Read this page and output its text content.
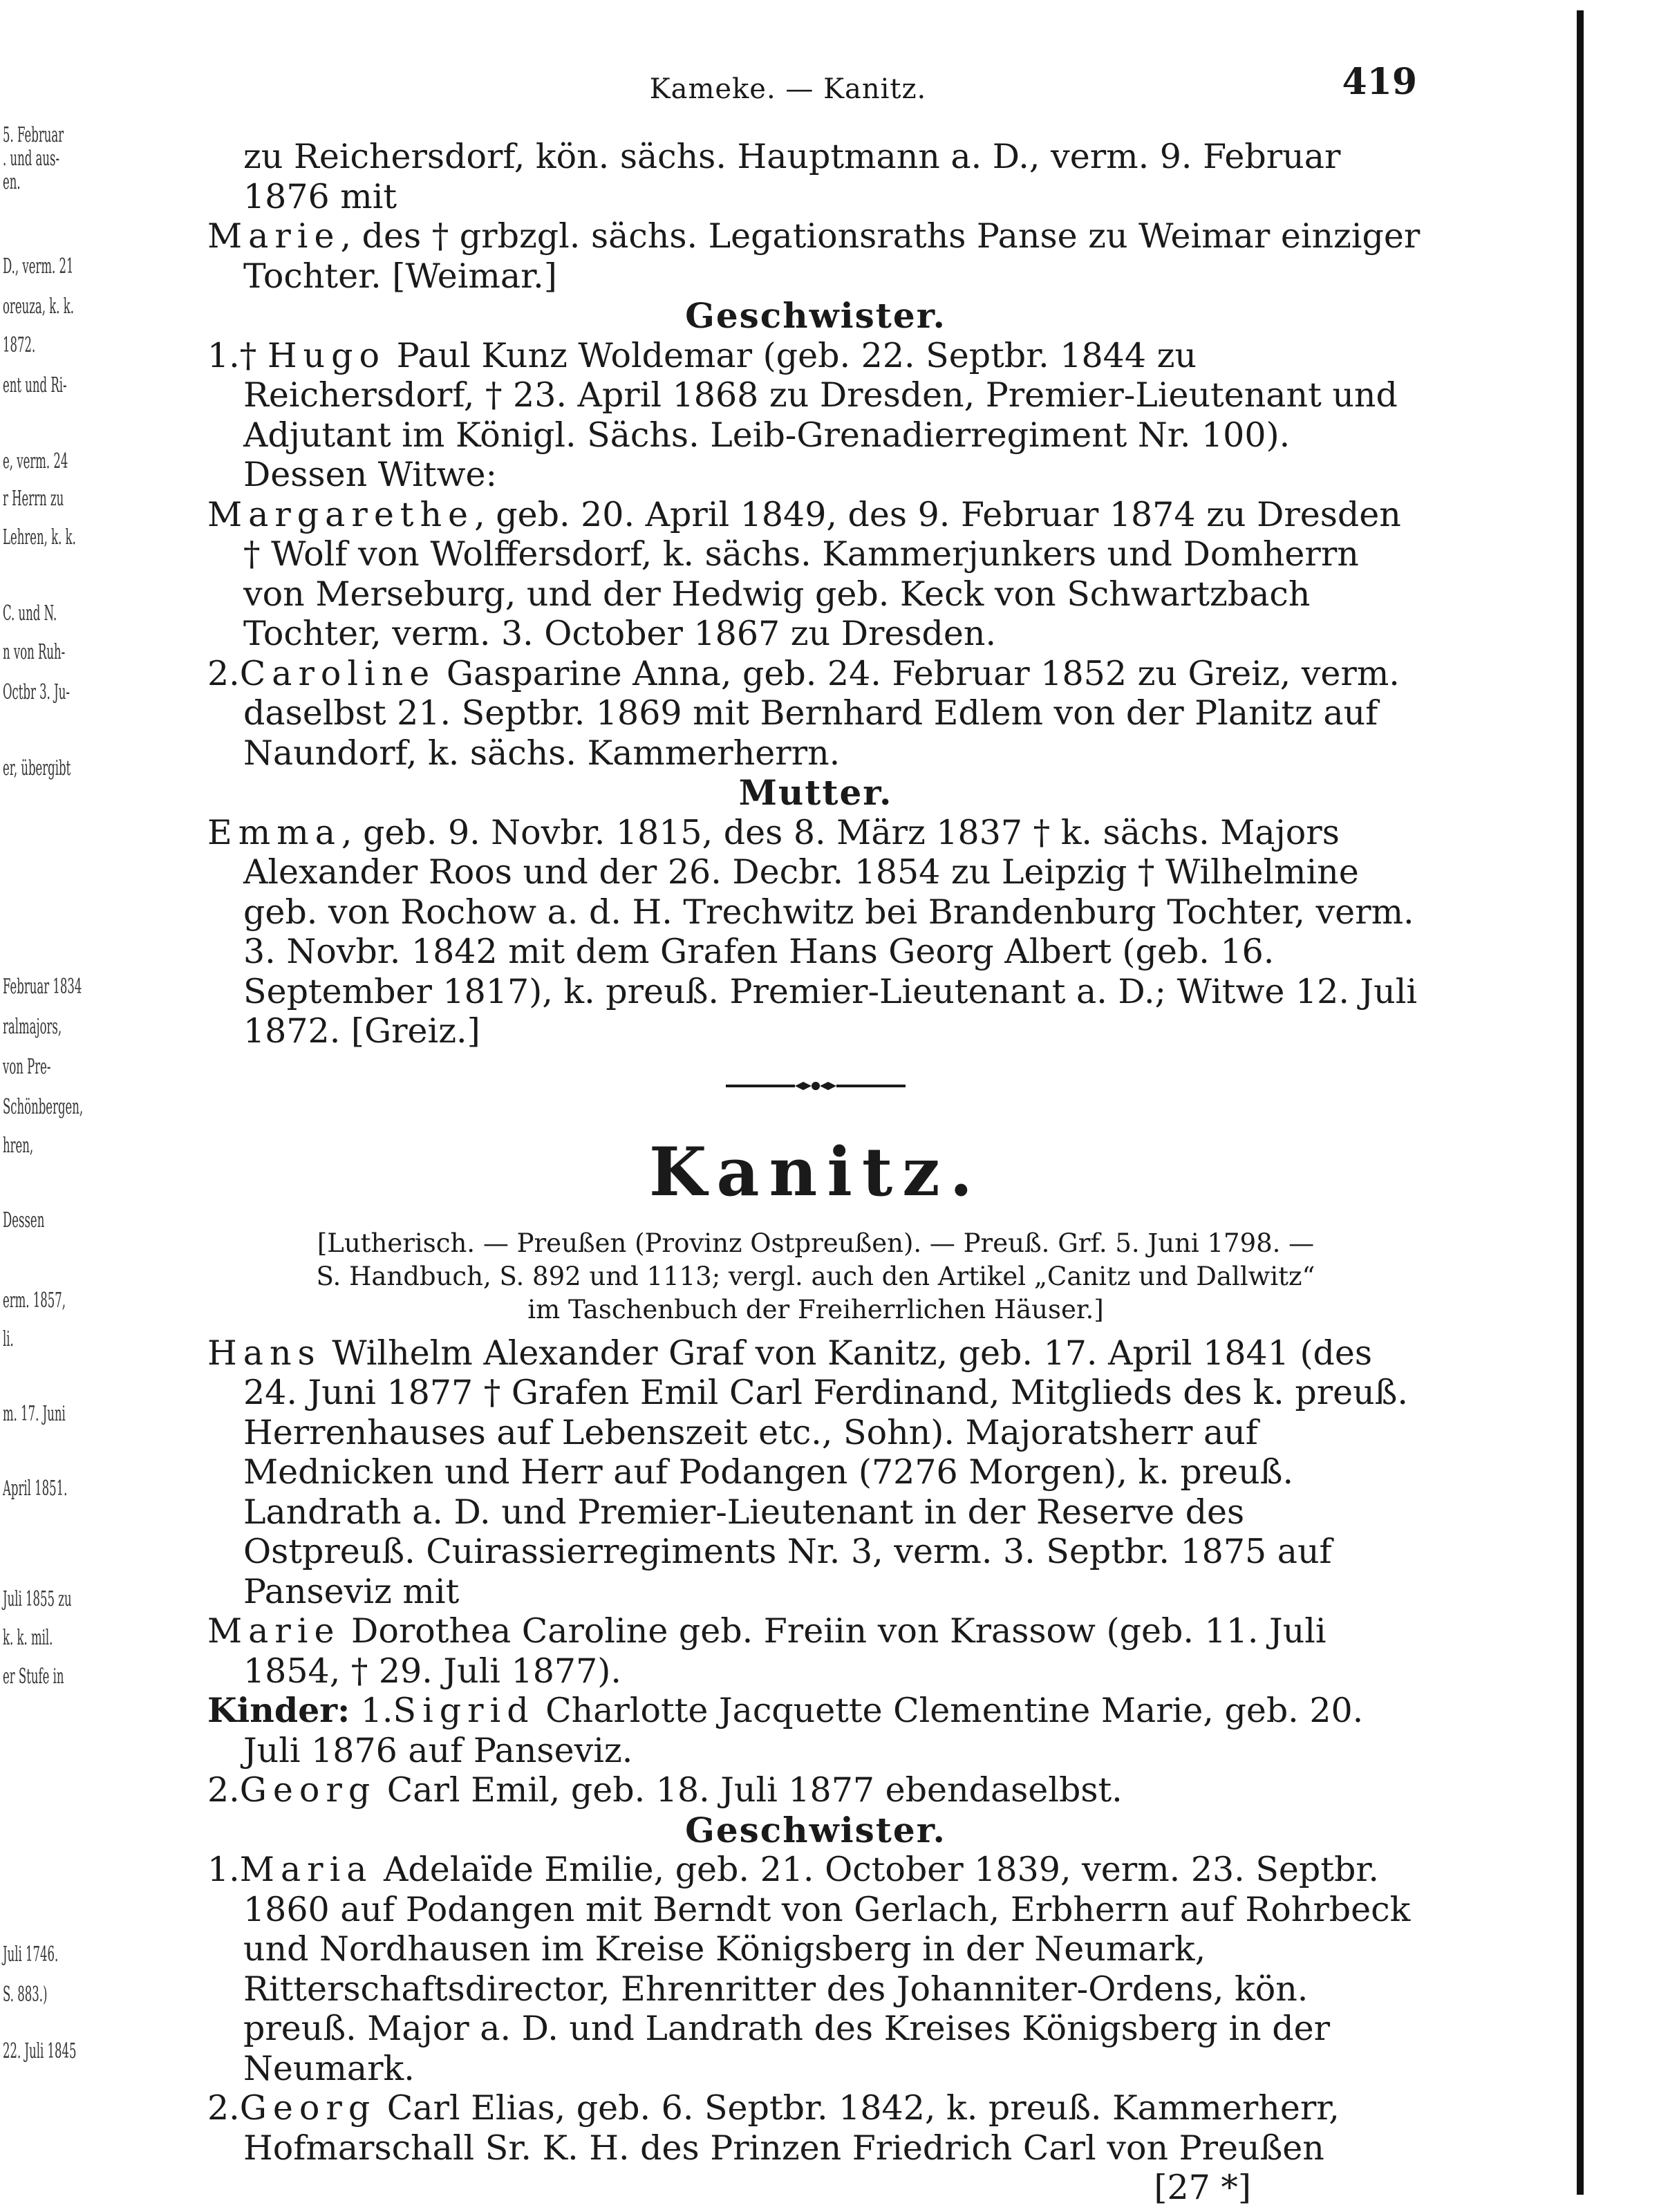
5. Februar
. und aus-
en.
D., verm. 21
oreuza, k. k.
1872.
ent und Ri-
e, verm. 24
r Herrn zu
Lehren, k. k.
C. und N.
n von Ruh-
Octbr 3. Ju-
er, übergibt
Februar 1834
ralmajors,
von Pre-
Schönbergen,
hren,
Dessen
erm. 1857,
li.
m. 17. Juni
April 1851.
Juli 1855 zu
k. k. mil.
er Stufe in
Juli 1746.
S. 883.)
22. Juli 1845
Kameke. — Kanitz.	419

zu Reichersdorf, kön. sächs. Hauptmann a. D., verm. 9. Februar 1876 mit

Marie, des † grbzgl. sächs. Legationsraths Panse zu Weimar einziger Tochter. [Weimar.]

Geschwister.

1.† Hugo Paul Kunz Woldemar (geb. 22. Septbr. 1844 zu Reichersdorf, † 23. April 1868 zu Dresden, Premier-Lieutenant und Adjutant im Königl. Sächs. Leib-Grenadierregiment Nr. 100). Dessen Witwe:

Margarethe, geb. 20. April 1849, des 9. Februar 1874 zu Dresden † Wolf von Wolffersdorf, k. sächs. Kammerjunkers und Domherrn von Merseburg, und der Hedwig geb. Keck von Schwartzbach Tochter, verm. 3. October 1867 zu Dresden.

2.Caroline Gasparine Anna, geb. 24. Februar 1852 zu Greiz, verm. daselbst 21. Septbr. 1869 mit Bernhard Edlem von der Planitz auf Naundorf, k. sächs. Kammerherrn.

Mutter.

Emma, geb. 9. Novbr. 1815, des 8. März 1837 † k. sächs. Majors Alexander Roos und der 26. Decbr. 1854 zu Leipzig † Wilhelmine geb. von Rochow a. d. H. Trechwitz bei Brandenburg Tochter, verm. 3. Novbr. 1842 mit dem Grafen Hans Georg Albert (geb. 16. September 1817), k. preuß. Premier-Lieutenant a. D.; Witwe 12. Juli 1872. [Greiz.]

Kanitz.

[Lutherisch. — Preußen (Provinz Ostpreußen). — Preuß. Grf. 5. Juni 1798. —
S. Handbuch, S. 892 und 1113; vergl. auch den Artikel „Canitz und Dallwitz“
im Taschenbuch der Freiherrlichen Häuser.]

Hans Wilhelm Alexander Graf von Kanitz, geb. 17. April 1841 (des 24. Juni 1877 † Grafen Emil Carl Ferdinand, Mitglieds des k. preuß. Herrenhauses auf Lebenszeit etc., Sohn). Majoratsherr auf Mednicken und Herr auf Podangen (7276 Morgen), k. preuß. Landrath a. D. und Premier-Lieutenant in der Reserve des Ostpreuß. Cuirassierregiments Nr. 3, verm. 3. Septbr. 1875 auf Panseviz mit

Marie Dorothea Caroline geb. Freiin von Krassow (geb. 11. Juli 1854, † 29. Juli 1877).

Kinder: 1.Sigrid Charlotte Jacquette Clementine Marie, geb. 20. Juli 1876 auf Panseviz.

2.Georg Carl Emil, geb. 18. Juli 1877 ebendaselbst.

Geschwister.

1.Maria Adelaïde Emilie, geb. 21. October 1839, verm. 23. Septbr. 1860 auf Podangen mit Berndt von Gerlach, Erbherrn auf Rohrbeck und Nordhausen im Kreise Königsberg in der Neumark, Ritterschaftsdirector, Ehrenritter des Johanniter-Ordens, kön. preuß. Major a. D. und Landrath des Kreises Königsberg in der Neumark.

2.Georg Carl Elias, geb. 6. Septbr. 1842, k. preuß. Kammerherr, Hofmarschall Sr. K. H. des Prinzen Friedrich Carl von Preußen

[27 *]
